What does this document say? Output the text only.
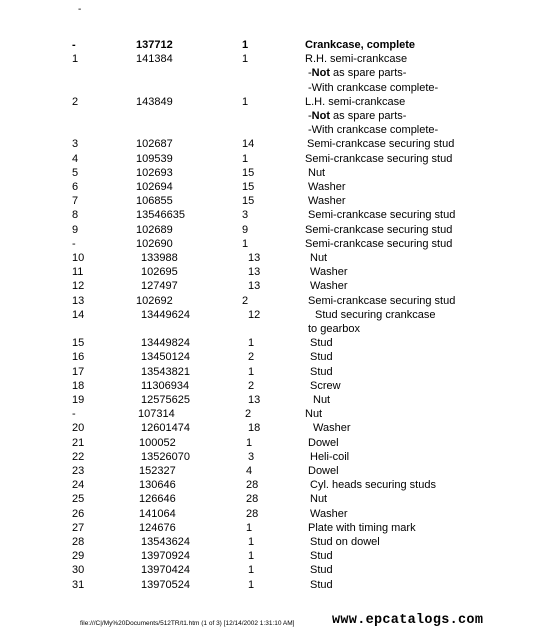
-
-	137712	1	Crankcase, complete
1	141384	1	R.H. semi-crankcase
-Not as spare parts-
-With crankcase complete-
2	143849	1	L.H. semi-crankcase
-Not as spare parts-
-With crankcase complete-
3	102687	14	Semi-crankcase securing stud
4	109539	1	Semi-crankcase securing stud
5	102693	15	Nut
6	102694	15	Washer
7	106855	15	Washer
8	13546635	3	Semi-crankcase securing stud
9	102689	9	Semi-crankcase securing stud
-	102690	1	Semi-crankcase securing stud
10	133988	13	Nut
11	102695	13	Washer
12	127497	13	Washer
13	102692	2	Semi-crankcase securing stud
14	13449624	12	Stud securing crankcase
to gearbox
15	13449824	1	Stud
16	13450124	2	Stud
17	13543821	1	Stud
18	11306934	2	Screw
19	12575625	13	Nut
-	107314	2	Nut
20	12601474	18	Washer
21	100052	1	Dowel
22	13526070	3	Heli-coil
23	152327	4	Dowel
24	130646	28	Cyl. heads securing studs
25	126646	28	Nut
26	141064	28	Washer
27	124676	1	Plate with timing mark
28	13543624	1	Stud on dowel
29	13970924	1	Stud
30	13970424	1	Stud
31	13970524	1	Stud
file:///C|/My%20Documents/512TR/t1.htm (1 of 3) [12/14/2002 1:31:10 AM]	www.epcatalogs.com
